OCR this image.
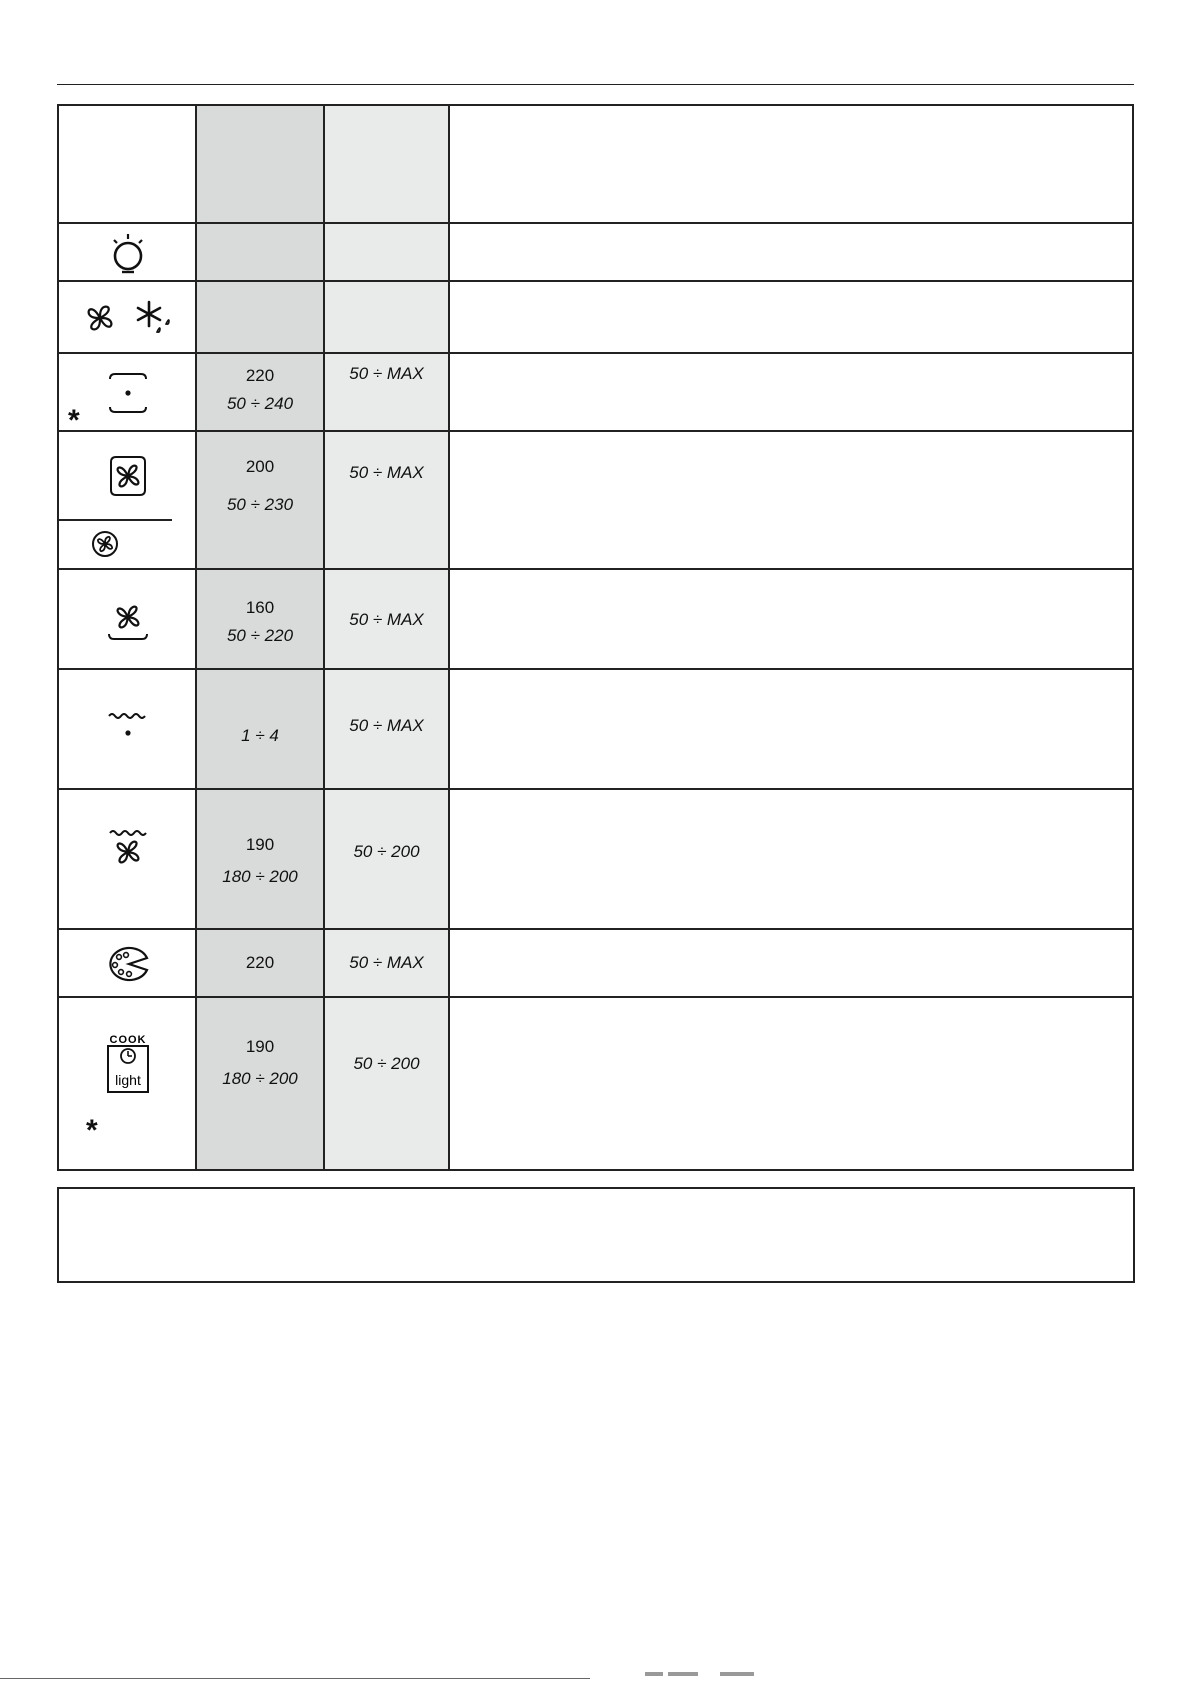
*
220
50 ÷ 240
50 ÷ MAX
200
50 ÷ 230
50 ÷ MAX
160
50 ÷ 220
50 ÷ MAX
1 ÷ 4
50 ÷ MAX
190
180 ÷ 200
50 ÷ 200
220	50 ÷ MAX
COOK
light
*
190
180 ÷ 200
50 ÷ 200
